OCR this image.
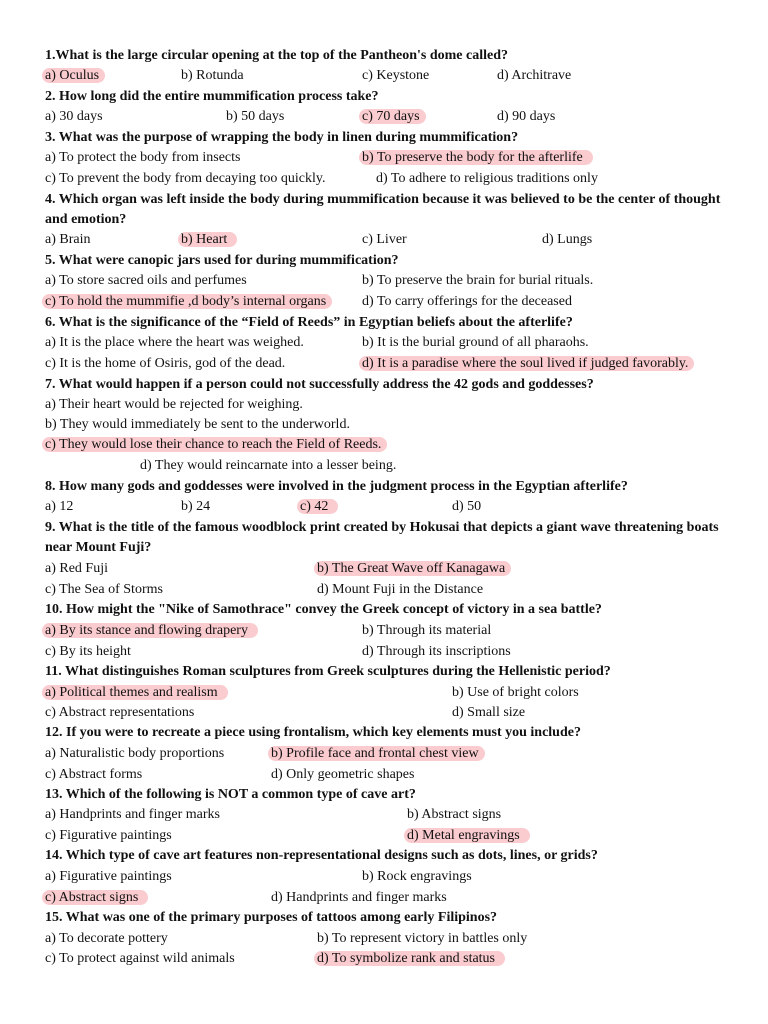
1.What is the large circular opening at the top of the Pantheon's dome called?
a) Oculus	b) Rotunda	c) Keystone	d) Architrave
2. How long did the entire mummification process take?
a) 30 days	b) 50 days	c) 70 days	d) 90 days
3. What was the purpose of wrapping the body in linen during mummification?
a) To protect the body from insects	b) To preserve the body for the afterlife
c) To prevent the body from decaying too quickly.	d) To adhere to religious traditions only
4. Which organ was left inside the body during mummification because it was believed to be the center of thought and emotion?
a) Brain	b) Heart	c) Liver	d) Lungs
5. What were canopic jars used for during mummification?
a) To store sacred oils and perfumes	b) To preserve the brain for burial rituals.
c) To hold the mummifie ,d body’s internal organs	d) To carry offerings for the deceased
6. What is the significance of the “Field of Reeds” in Egyptian beliefs about the afterlife?
a) It is the place where the heart was weighed.	b) It is the burial ground of all pharaohs.
c) It is the home of Osiris, god of the dead.	d) It is a paradise where the soul lived if judged favorably.
7. What would happen if a person could not successfully address the 42 gods and goddesses?
a) Their heart would be rejected for weighing.
b) They would immediately be sent to the underworld.
c) They would lose their chance to reach the Field of Reeds.
d) They would reincarnate into a lesser being.
8. How many gods and goddesses were involved in the judgment process in the Egyptian afterlife?
a) 12	b) 24	c) 42	d) 50
9. What is the title of the famous woodblock print created by Hokusai that depicts a giant wave threatening boats near Mount Fuji?
a) Red Fuji	b) The Great Wave off Kanagawa
c) The Sea of Storms	d) Mount Fuji in the Distance
10. How might the "Nike of Samothrace" convey the Greek concept of victory in a sea battle?
a) By its stance and flowing drapery	b) Through its material
c) By its height	d) Through its inscriptions
11. What distinguishes Roman sculptures from Greek sculptures during the Hellenistic period?
a) Political themes and realism	b) Use of bright colors
c) Abstract representations	d) Small size
12. If you were to recreate a piece using frontalism, which key elements must you include?
a) Naturalistic body proportions	b) Profile face and frontal chest view
c) Abstract forms	d) Only geometric shapes
13. Which of the following is NOT a common type of cave art?
a) Handprints and finger marks	b) Abstract signs
c) Figurative paintings	d) Metal engravings
14. Which type of cave art features non-representational designs such as dots, lines, or grids?
a) Figurative paintings	b) Rock engravings
c) Abstract signs	d) Handprints and finger marks
15. What was one of the primary purposes of tattoos among early Filipinos?
a) To decorate pottery	b) To represent victory in battles only
c) To protect against wild animals	d) To symbolize rank and status
